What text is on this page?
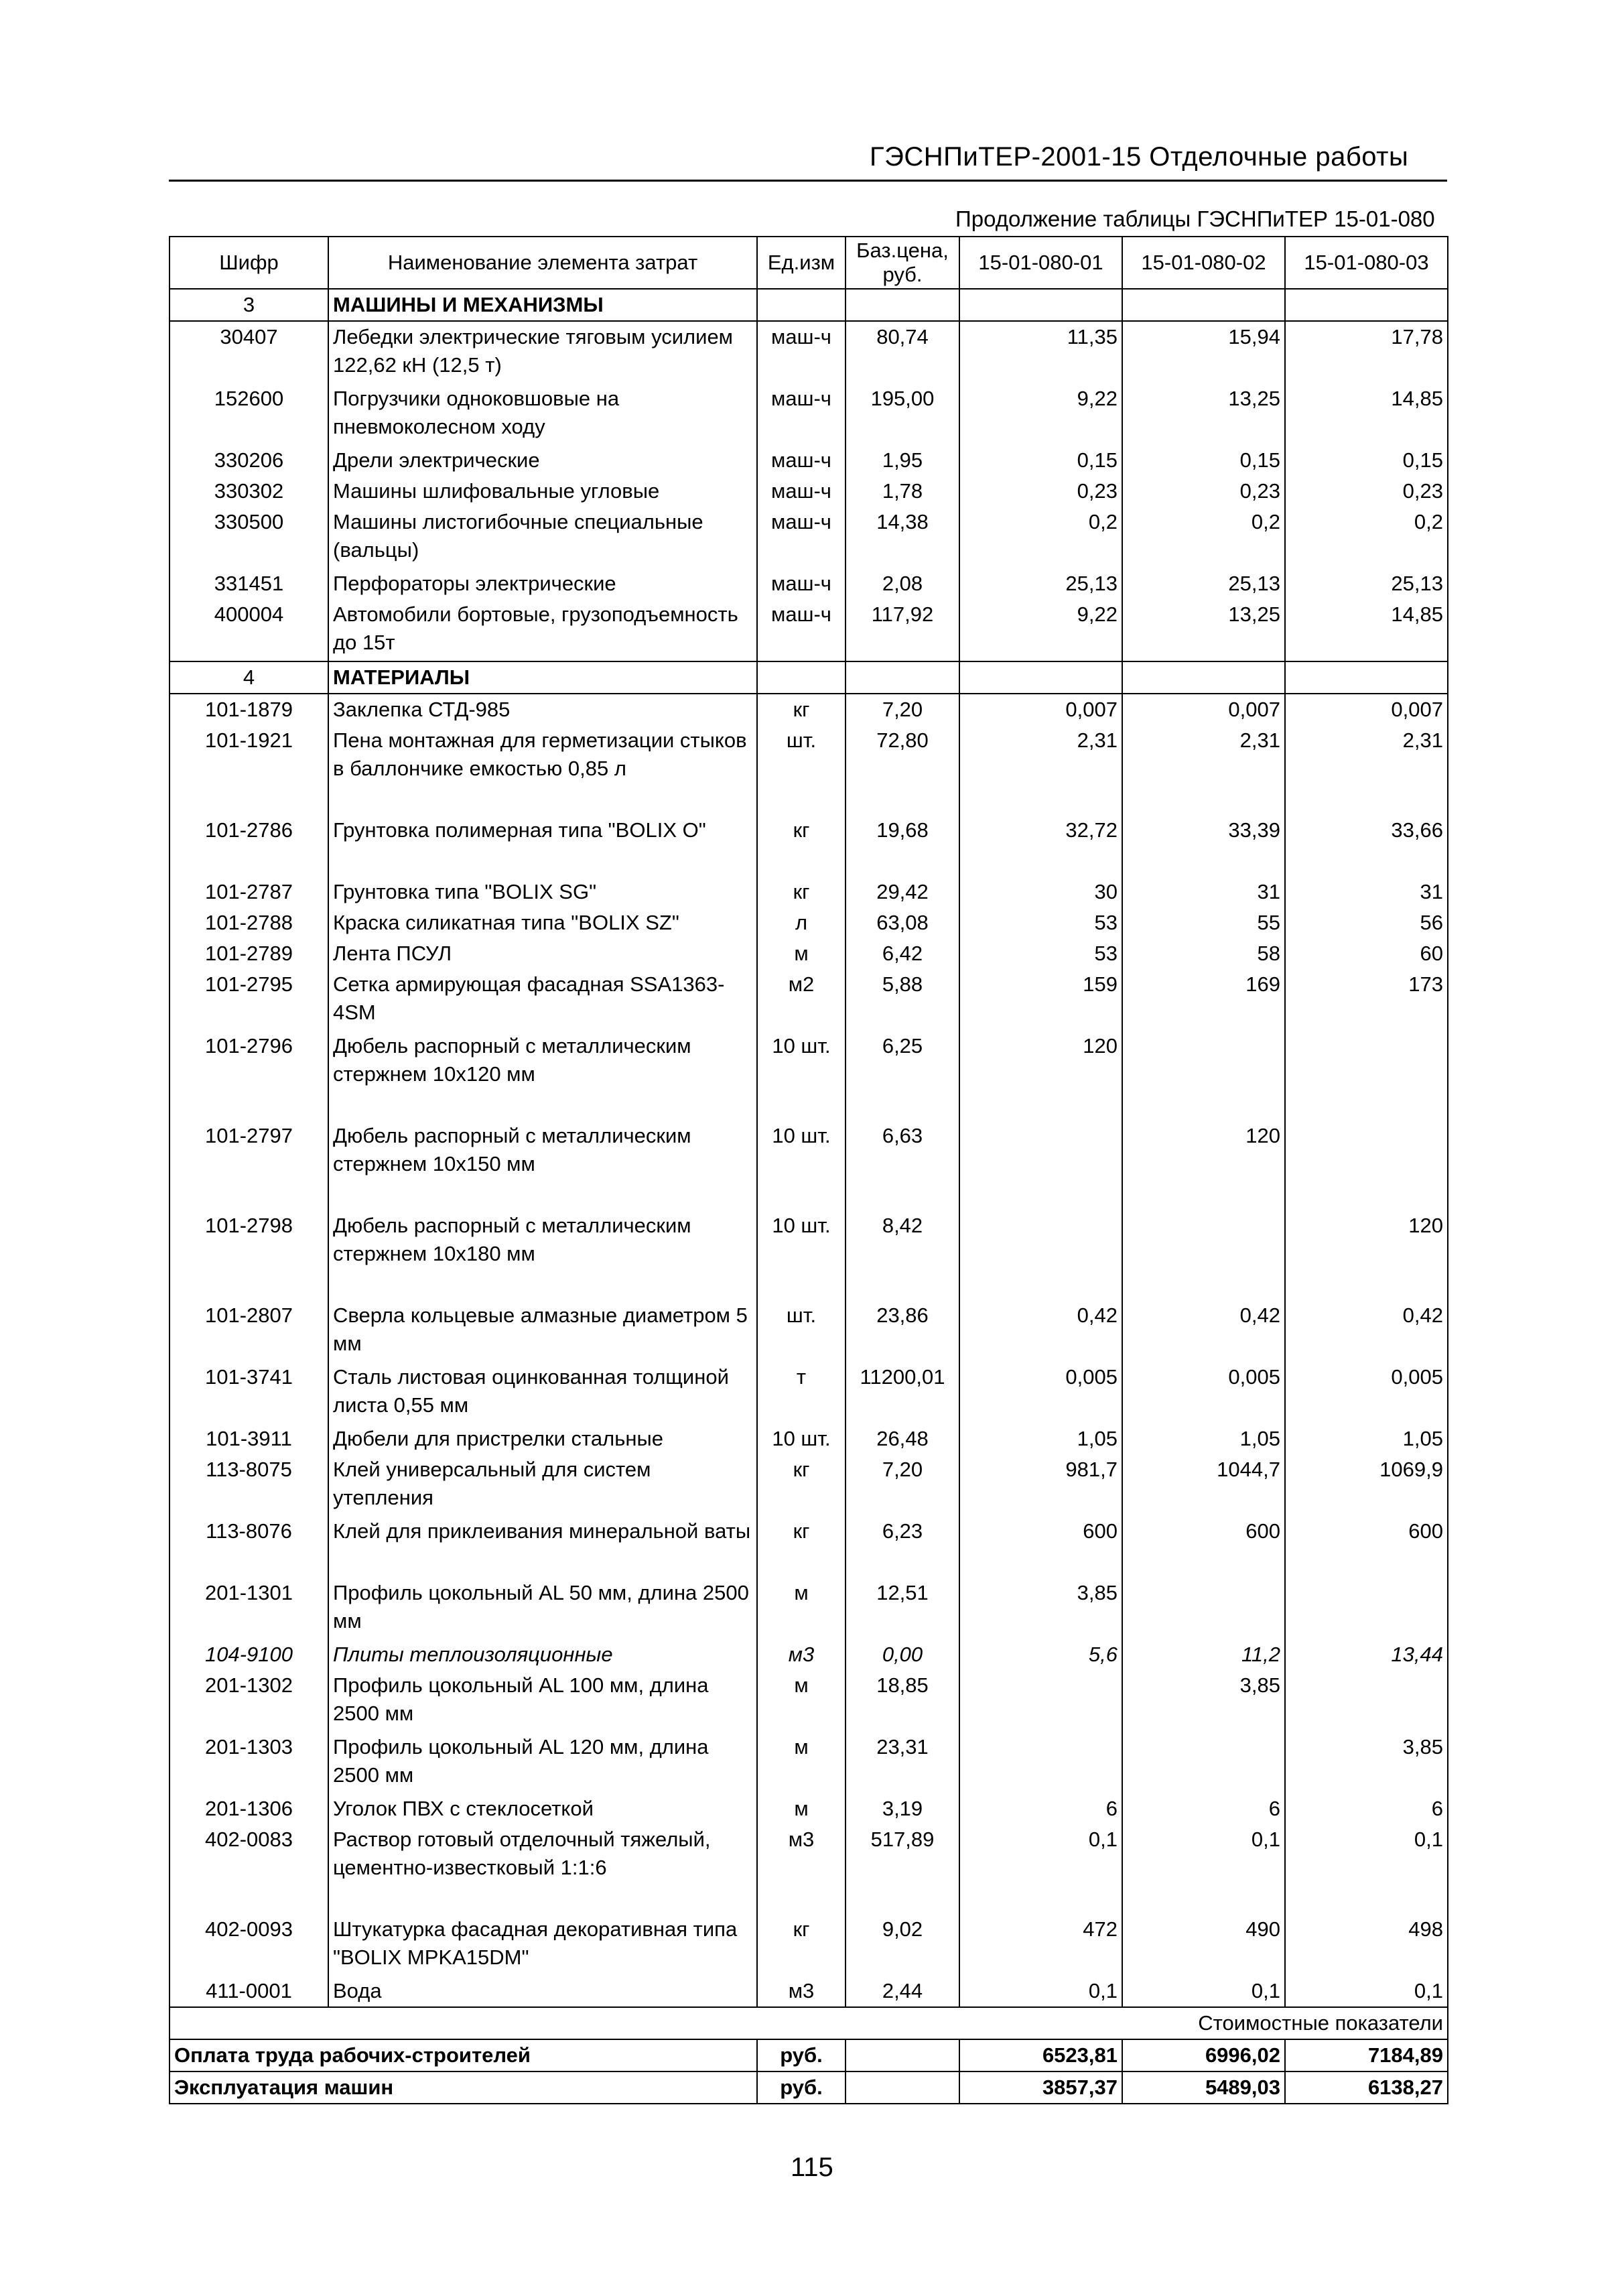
ГЭСНПиТЕР-2001-15 Отделочные работы
Продолжение таблицы ГЭСНПиТЕР 15-01-080
Шифр	Наименование элемента затрат	Ед.изм	Баз.цена, руб.	15-01-080-01	15-01-080-02	15-01-080-03
3	МАШИНЫ И МЕХАНИЗМЫ					
30407	Лебедки электрические тяговым усилием 122,62 кН (12,5 т)	маш-ч	80,74	11,35	15,94	17,78
152600	Погрузчики одноковшовые на пневмоколесном ходу	маш-ч	195,00	9,22	13,25	14,85
330206	Дрели электрические	маш-ч	1,95	0,15	0,15	0,15
330302	Машины шлифовальные угловые	маш-ч	1,78	0,23	0,23	0,23
330500	Машины листогибочные специальные (вальцы)	маш-ч	14,38	0,2	0,2	0,2
331451	Перфораторы электрические	маш-ч	2,08	25,13	25,13	25,13
400004	Автомобили бортовые, грузоподъемность до 15т	маш-ч	117,92	9,22	13,25	14,85
4	МАТЕРИАЛЫ					
101-1879	Заклепка СТД-985	кг	7,20	0,007	0,007	0,007
101-1921	Пена монтажная для герметизации стыков в баллончике емкостью 0,85 л	шт.	72,80	2,31	2,31	2,31
101-2786	Грунтовка полимерная типа "BOLIX O"	кг	19,68	32,72	33,39	33,66
101-2787	Грунтовка типа "BOLIX SG"	кг	29,42	30	31	31
101-2788	Краска силикатная типа "BOLIX SZ"	л	63,08	53	55	56
101-2789	Лента ПСУЛ	м	6,42	53	58	60
101-2795	Сетка армирующая фасадная SSA1363-4SM	м2	5,88	159	169	173
101-2796	Дюбель распорный с металлическим стержнем 10х120 мм	10 шт.	6,25	120		
101-2797	Дюбель распорный с металлическим стержнем 10х150 мм	10 шт.	6,63		120	
101-2798	Дюбель распорный с металлическим стержнем 10х180 мм	10 шт.	8,42			120
101-2807	Сверла кольцевые алмазные диаметром 5 мм	шт.	23,86	0,42	0,42	0,42
101-3741	Сталь листовая оцинкованная толщиной листа 0,55 мм	т	11200,01	0,005	0,005	0,005
101-3911	Дюбели для пристрелки стальные	10 шт.	26,48	1,05	1,05	1,05
113-8075	Клей универсальный для систем утепления	кг	7,20	981,7	1044,7	1069,9
113-8076	Клей для приклеивания минеральной ваты	кг	6,23	600	600	600
201-1301	Профиль цокольный AL 50 мм, длина 2500 мм	м	12,51	3,85		
104-9100	Плиты теплоизоляционные	м3	0,00	5,6	11,2	13,44
201-1302	Профиль цокольный AL 100 мм, длина 2500 мм	м	18,85		3,85	
201-1303	Профиль цокольный AL 120 мм, длина 2500 мм	м	23,31			3,85
201-1306	Уголок ПВХ с стеклосеткой	м	3,19	6	6	6
402-0083	Раствор готовый отделочный тяжелый, цементно-известковый 1:1:6	м3	517,89	0,1	0,1	0,1
402-0093	Штукатурка фасадная декоративная типа "BOLIX MPKA15DM"	кг	9,02	472	490	498
411-0001	Вода	м3	2,44	0,1	0,1	0,1
Стоимостные показатели						
Оплата труда рабочих-строителей		руб.		6523,81	6996,02	7184,89
Эксплуатация машин		руб.		3857,37	5489,03	6138,27
115
